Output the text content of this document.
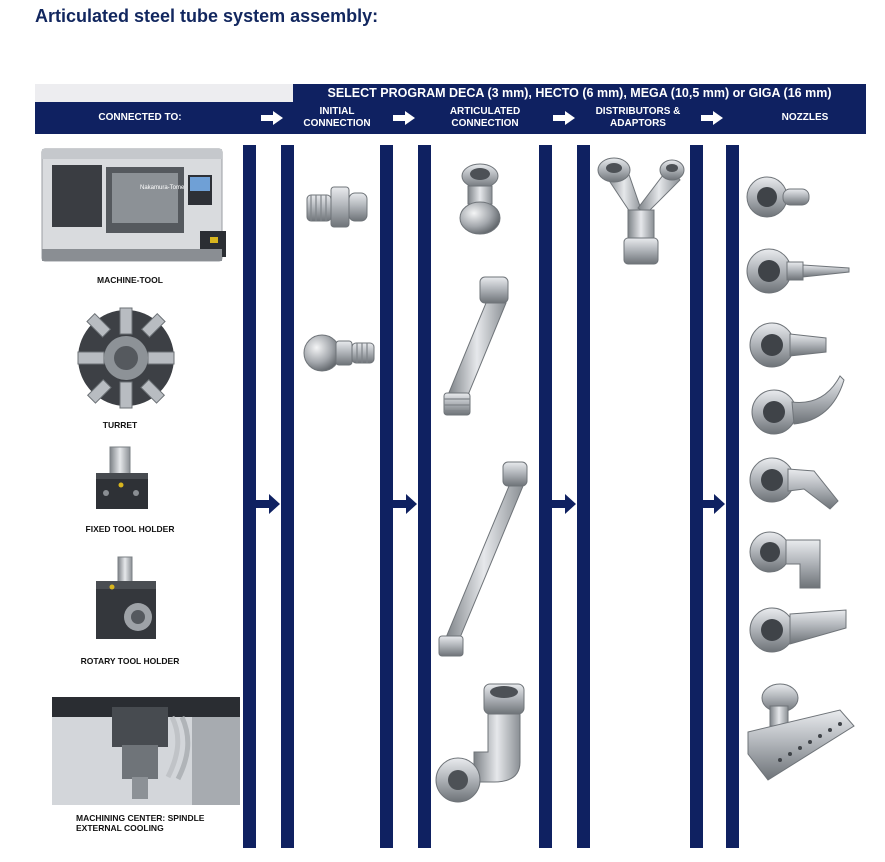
Articulated steel tube system assembly:
SELECT PROGRAM DECA (3 mm), HECTO (6 mm), MEGA (10,5 mm) or GIGA (16 mm)
CONNECTED TO:
INITIAL
CONNECTION
ARTICULATED
CONNECTION
DISTRIBUTORS &
ADAPTORS
NOZZLES
Nakamura-Tome
MACHINE-TOOL
TURRET
FIXED TOOL HOLDER
ROTARY TOOL HOLDER
MACHINING CENTER: SPINDLE
EXTERNAL COOLING
